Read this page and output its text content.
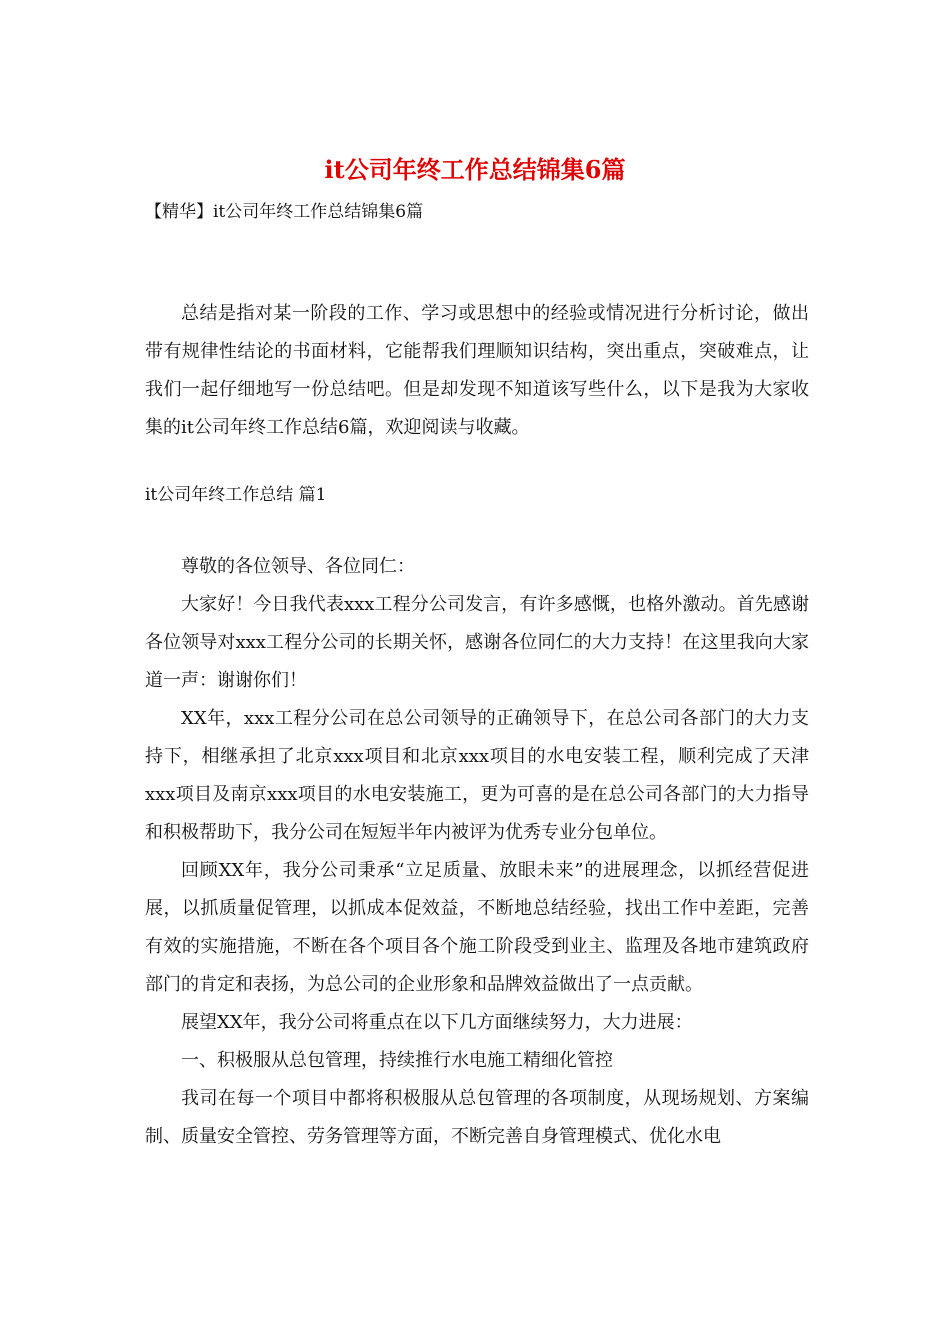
it公司年终工作总结锦集6篇
【精华】it公司年终工作总结锦集6篇

总结是指对某一阶段的工作、学习或思想中的经验或情况进行分析讨论，做出带有规律性结论的书面材料，它能帮我们理顺知识结构，突出重点，突破难点，让我们一起仔细地写一份总结吧。但是却发现不知道该写些什么，以下是我为大家收集的it公司年终工作总结6篇，欢迎阅读与收藏。

it公司年终工作总结 篇1

尊敬的各位领导、各位同仁：

大家好！今日我代表xxx工程分公司发言，有许多感慨，也格外激动。首先感谢各位领导对xxx工程分公司的长期关怀，感谢各位同仁的大力支持！在这里我向大家道一声：谢谢你们！

XX年，xxx工程分公司在总公司领导的正确领导下，在总公司各部门的大力支持下，相继承担了北京xxx项目和北京xxx项目的水电安装工程，顺利完成了天津xxx项目及南京xxx项目的水电安装施工，更为可喜的是在总公司各部门的大力指导和积极帮助下，我分公司在短短半年内被评为优秀专业分包单位。

回顾XX年，我分公司秉承“立足质量、放眼未来”的进展理念，以抓经营促进展，以抓质量促管理，以抓成本促效益，不断地总结经验，找出工作中差距，完善有效的实施措施，不断在各个项目各个施工阶段受到业主、监理及各地市建筑政府部门的肯定和表扬，为总公司的企业形象和品牌效益做出了一点贡献。

展望XX年，我分公司将重点在以下几方面继续努力，大力进展：

一、积极服从总包管理，持续推行水电施工精细化管控

我司在每一个项目中都将积极服从总包管理的各项制度，从现场规划、方案编制、质量安全管控、劳务管理等方面，不断完善自身管理模式、优化水电
